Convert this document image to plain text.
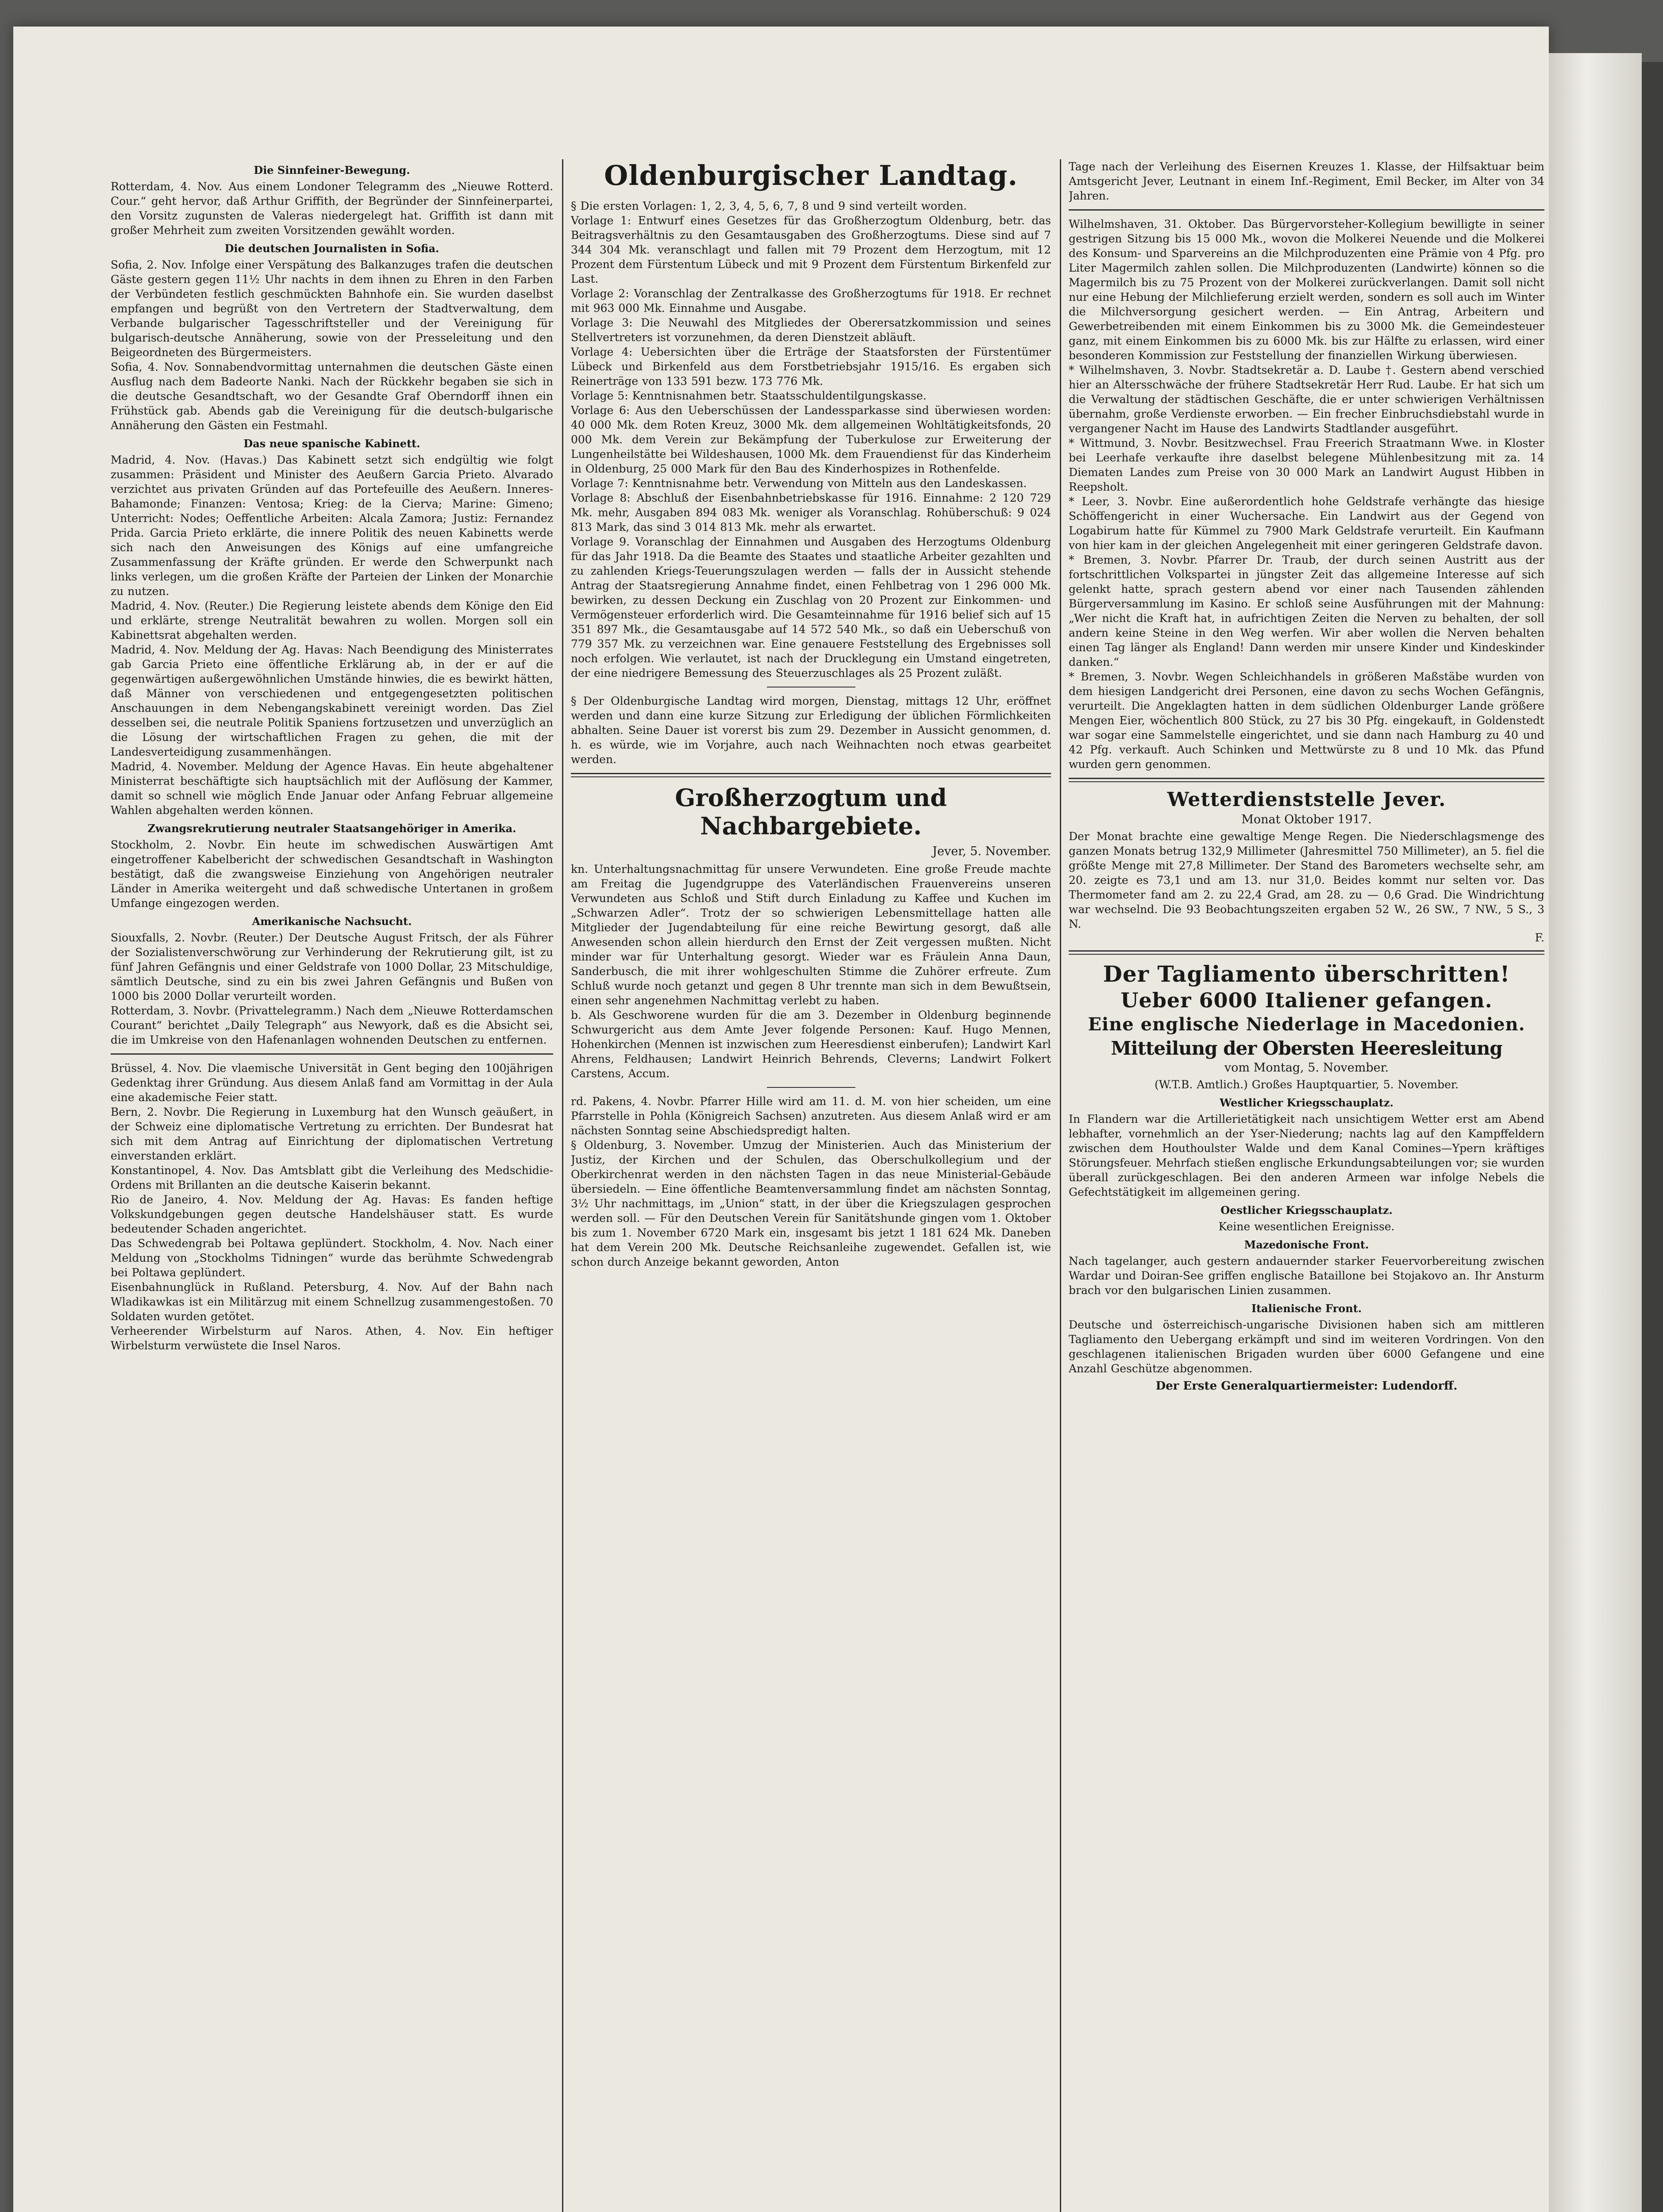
Die Sinnfeiner-Bewegung.

Rotterdam, 4. Nov. Aus einem Londoner Telegramm des „Nieuwe Rotterd. Cour.“ geht hervor, daß Arthur Griffith, der Begründer der Sinnfeinerpartei, den Vorsitz zugunsten de Valeras niedergelegt hat. Griffith ist dann mit großer Mehrheit zum zweiten Vorsitzenden gewählt worden.

Die deutschen Journalisten in Sofia.

Sofia, 2. Nov. Infolge einer Verspätung des Balkanzuges trafen die deutschen Gäste gestern gegen 11½ Uhr nachts in dem ihnen zu Ehren in den Farben der Verbündeten festlich geschmückten Bahnhofe ein. Sie wurden daselbst empfangen und begrüßt von den Vertretern der Stadtverwaltung, dem Verbande bulgarischer Tagesschriftsteller und der Vereinigung für bulgarisch-deutsche Annäherung, sowie von der Presseleitung und den Beigeordneten des Bürgermeisters.

Sofia, 4. Nov. Sonnabendvormittag unternahmen die deutschen Gäste einen Ausflug nach dem Badeorte Nanki. Nach der Rückkehr begaben sie sich in die deutsche Gesandtschaft, wo der Gesandte Graf Oberndorff ihnen ein Frühstück gab. Abends gab die Vereinigung für die deutsch-bulgarische Annäherung den Gästen ein Festmahl.

Das neue spanische Kabinett.

Madrid, 4. Nov. (Havas.) Das Kabinett setzt sich endgültig wie folgt zusammen: Präsident und Minister des Aeußern Garcia Prieto. Alvarado verzichtet aus privaten Gründen auf das Portefeuille des Aeußern. Inneres-Bahamonde; Finanzen: Ventosa; Krieg: de la Cierva; Marine: Gimeno; Unterricht: Nodes; Oeffentliche Arbeiten: Alcala Zamora; Justiz: Fernandez Prida. Garcia Prieto erklärte, die innere Politik des neuen Kabinetts werde sich nach den Anweisungen des Königs auf eine umfangreiche Zusammenfassung der Kräfte gründen. Er werde den Schwerpunkt nach links verlegen, um die großen Kräfte der Parteien der Linken der Monarchie zu nutzen.

Madrid, 4. Nov. (Reuter.) Die Regierung leistete abends dem Könige den Eid und erklärte, strenge Neutralität bewahren zu wollen. Morgen soll ein Kabinettsrat abgehalten werden.

Madrid, 4. Nov. Meldung der Ag. Havas: Nach Beendigung des Ministerrates gab Garcia Prieto eine öffentliche Erklärung ab, in der er auf die gegenwärtigen außergewöhnlichen Umstände hinwies, die es bewirkt hätten, daß Männer von verschiedenen und entgegengesetzten politischen Anschauungen in dem Nebengangskabinett vereinigt worden. Das Ziel desselben sei, die neutrale Politik Spaniens fortzusetzen und unverzüglich an die Lösung der wirtschaftlichen Fragen zu gehen, die mit der Landesverteidigung zusammenhängen.

Madrid, 4. November. Meldung der Agence Havas. Ein heute abgehaltener Ministerrat beschäftigte sich hauptsächlich mit der Auflösung der Kammer, damit so schnell wie möglich Ende Januar oder Anfang Februar allgemeine Wahlen abgehalten werden können.

Zwangsrekrutierung neutraler Staatsangehöriger in Amerika.

Stockholm, 2. Novbr. Ein heute im schwedischen Auswärtigen Amt eingetroffener Kabelbericht der schwedischen Gesandtschaft in Washington bestätigt, daß die zwangsweise Einziehung von Angehörigen neutraler Länder in Amerika weitergeht und daß schwedische Untertanen in großem Umfange eingezogen werden.

Amerikanische Nachsucht.

Siouxfalls, 2. Novbr. (Reuter.) Der Deutsche August Fritsch, der als Führer der Sozialistenverschwörung zur Verhinderung der Rekrutierung gilt, ist zu fünf Jahren Gefängnis und einer Geldstrafe von 1000 Dollar, 23 Mitschuldige, sämtlich Deutsche, sind zu ein bis zwei Jahren Gefängnis und Bußen von 1000 bis 2000 Dollar verurteilt worden.

Rotterdam, 3. Novbr. (Privattelegramm.) Nach dem „Nieuwe Rotterdamschen Courant“ berichtet „Daily Telegraph“ aus Newyork, daß es die Absicht sei, die im Umkreise von den Hafenanlagen wohnenden Deutschen zu entfernen.

Brüssel, 4. Nov. Die vlaemische Universität in Gent beging den 100jährigen Gedenktag ihrer Gründung. Aus diesem Anlaß fand am Vormittag in der Aula eine akademische Feier statt.

Bern, 2. Novbr. Die Regierung in Luxemburg hat den Wunsch geäußert, in der Schweiz eine diplomatische Vertretung zu errichten. Der Bundesrat hat sich mit dem Antrag auf Einrichtung der diplomatischen Vertretung einverstanden erklärt.

Konstantinopel, 4. Nov. Das Amtsblatt gibt die Verleihung des Medschidie-Ordens mit Brillanten an die deutsche Kaiserin bekannt.

Rio de Janeiro, 4. Nov. Meldung der Ag. Havas: Es fanden heftige Volkskundgebungen gegen deutsche Handelshäuser statt. Es wurde bedeutender Schaden angerichtet.

Das Schwedengrab bei Poltawa geplündert. Stockholm, 4. Nov. Nach einer Meldung von „Stockholms Tidningen“ wurde das berühmte Schwedengrab bei Poltawa geplündert.

Eisenbahnunglück in Rußland. Petersburg, 4. Nov. Auf der Bahn nach Wladikawkas ist ein Militärzug mit einem Schnellzug zusammengestoßen. 70 Soldaten wurden getötet.

Verheerender Wirbelsturm auf Naros. Athen, 4. Nov. Ein heftiger Wirbelsturm verwüstete die Insel Naros.

Oldenburgischer Landtag.

§ Die ersten Vorlagen: 1, 2, 3, 4, 5, 6, 7, 8 und 9 sind verteilt worden.

Vorlage 1: Entwurf eines Gesetzes für das Großherzogtum Oldenburg, betr. das Beitragsverhältnis zu den Gesamtausgaben des Großherzogtums. Diese sind auf 7 344 304 Mk. veranschlagt und fallen mit 79 Prozent dem Herzogtum, mit 12 Prozent dem Fürstentum Lübeck und mit 9 Prozent dem Fürstentum Birkenfeld zur Last.

Vorlage 2: Voranschlag der Zentralkasse des Großherzogtums für 1918. Er rechnet mit 963 000 Mk. Einnahme und Ausgabe.

Vorlage 3: Die Neuwahl des Mitgliedes der Oberersatzkommission und seines Stellvertreters ist vorzunehmen, da deren Dienstzeit abläuft.

Vorlage 4: Uebersichten über die Erträge der Staatsforsten der Fürstentümer Lübeck und Birkenfeld aus dem Forstbetriebsjahr 1915/16. Es ergaben sich Reinerträge von 133 591 bezw. 173 776 Mk.

Vorlage 5: Kenntnisnahmen betr. Staatsschuldentilgungskasse.

Vorlage 6: Aus den Ueberschüssen der Landessparkasse sind überwiesen worden: 40 000 Mk. dem Roten Kreuz, 3000 Mk. dem allgemeinen Wohltätigkeitsfonds, 20 000 Mk. dem Verein zur Bekämpfung der Tuberkulose zur Erweiterung der Lungenheilstätte bei Wildeshausen, 1000 Mk. dem Frauendienst für das Kinderheim in Oldenburg, 25 000 Mark für den Bau des Kinderhospizes in Rothenfelde.

Vorlage 7: Kenntnisnahme betr. Verwendung von Mitteln aus den Landeskassen.

Vorlage 8: Abschluß der Eisenbahnbetriebskasse für 1916. Einnahme: 2 120 729 Mk. mehr, Ausgaben 894 083 Mk. weniger als Voranschlag. Rohüberschuß: 9 024 813 Mark, das sind 3 014 813 Mk. mehr als erwartet.

Vorlage 9. Voranschlag der Einnahmen und Ausgaben des Herzogtums Oldenburg für das Jahr 1918. Da die Beamte des Staates und staatliche Arbeiter gezahlten und zu zahlenden Kriegs-Teuerungszulagen werden — falls der in Aussicht stehende Antrag der Staatsregierung Annahme findet, einen Fehlbetrag von 1 296 000 Mk. bewirken, zu dessen Deckung ein Zuschlag von 20 Prozent zur Einkommen- und Vermögensteuer erforderlich wird. Die Gesamteinnahme für 1916 belief sich auf 15 351 897 Mk., die Gesamtausgabe auf 14 572 540 Mk., so daß ein Ueberschuß von 779 357 Mk. zu verzeichnen war. Eine genauere Feststellung des Ergebnisses soll noch erfolgen. Wie verlautet, ist nach der Drucklegung ein Umstand eingetreten, der eine niedrigere Bemessung des Steuerzuschlages als 25 Prozent zuläßt.

§ Der Oldenburgische Landtag wird morgen, Dienstag, mittags 12 Uhr, eröffnet werden und dann eine kurze Sitzung zur Erledigung der üblichen Förmlichkeiten abhalten. Seine Dauer ist vorerst bis zum 29. Dezember in Aussicht genommen, d. h. es würde, wie im Vorjahre, auch nach Weihnachten noch etwas gearbeitet werden.

Großherzogtum und Nachbargebiete.
Jever, 5. November.

kn. Unterhaltungsnachmittag für unsere Verwundeten. Eine große Freude machte am Freitag die Jugendgruppe des Vaterländischen Frauenvereins unseren Verwundeten aus Schloß und Stift durch Einladung zu Kaffee und Kuchen im „Schwarzen Adler“. Trotz der so schwierigen Lebensmittellage hatten alle Mitglieder der Jugendabteilung für eine reiche Bewirtung gesorgt, daß alle Anwesenden schon allein hierdurch den Ernst der Zeit vergessen mußten. Nicht minder war für Unterhaltung gesorgt. Wieder war es Fräulein Anna Daun, Sanderbusch, die mit ihrer wohlgeschulten Stimme die Zuhörer erfreute. Zum Schluß wurde noch getanzt und gegen 8 Uhr trennte man sich in dem Bewußtsein, einen sehr angenehmen Nachmittag verlebt zu haben.

b. Als Geschworene wurden für die am 3. Dezember in Oldenburg beginnende Schwurgericht aus dem Amte Jever folgende Personen: Kauf. Hugo Mennen, Hohenkirchen (Mennen ist inzwischen zum Heeresdienst einberufen); Landwirt Karl Ahrens, Feldhausen; Landwirt Heinrich Behrends, Cleverns; Landwirt Folkert Carstens, Accum.

rd. Pakens, 4. Novbr. Pfarrer Hille wird am 11. d. M. von hier scheiden, um eine Pfarrstelle in Pohla (Königreich Sachsen) anzutreten. Aus diesem Anlaß wird er am nächsten Sonntag seine Abschiedspredigt halten.

§ Oldenburg, 3. November. Umzug der Ministerien. Auch das Ministerium der Justiz, der Kirchen und der Schulen, das Oberschulkollegium und der Oberkirchenrat werden in den nächsten Tagen in das neue Ministerial-Gebäude übersiedeln. — Eine öffentliche Beamtenversammlung findet am nächsten Sonntag, 3½ Uhr nachmittags, im „Union“ statt, in der über die Kriegszulagen gesprochen werden soll. — Für den Deutschen Verein für Sanitätshunde gingen vom 1. Oktober bis zum 1. November 6720 Mark ein, insgesamt bis jetzt 1 181 624 Mk. Daneben hat dem Verein 200 Mk. Deutsche Reichsanleihe zugewendet. Gefallen ist, wie schon durch Anzeige bekannt geworden, Anton

Tage nach der Verleihung des Eisernen Kreuzes 1. Klasse, der Hilfsaktuar beim Amtsgericht Jever, Leutnant in einem Inf.-Regiment, Emil Becker, im Alter von 34 Jahren.

Wilhelmshaven, 31. Oktober. Das Bürgervorsteher-Kollegium bewilligte in seiner gestrigen Sitzung bis 15 000 Mk., wovon die Molkerei Neuende und die Molkerei des Konsum- und Sparvereins an die Milchproduzenten eine Prämie von 4 Pfg. pro Liter Magermilch zahlen sollen. Die Milchproduzenten (Landwirte) können so die Magermilch bis zu 75 Prozent von der Molkerei zurückverlangen. Damit soll nicht nur eine Hebung der Milchlieferung erzielt werden, sondern es soll auch im Winter die Milchversorgung gesichert werden. — Ein Antrag, Arbeitern und Gewerbetreibenden mit einem Einkommen bis zu 3000 Mk. die Gemeindesteuer ganz, mit einem Einkommen bis zu 6000 Mk. bis zur Hälfte zu erlassen, wird einer besonderen Kommission zur Feststellung der finanziellen Wirkung überwiesen.

* Wilhelmshaven, 3. Novbr. Stadtsekretär a. D. Laube †. Gestern abend verschied hier an Altersschwäche der frühere Stadtsekretär Herr Rud. Laube. Er hat sich um die Verwaltung der städtischen Geschäfte, die er unter schwierigen Verhältnissen übernahm, große Verdienste erworben. — Ein frecher Einbruchsdiebstahl wurde in vergangener Nacht im Hause des Landwirts Stadtlander ausgeführt.

* Wittmund, 3. Novbr. Besitzwechsel. Frau Freerich Straatmann Wwe. in Kloster bei Leerhafe verkaufte ihre daselbst belegene Mühlenbesitzung mit za. 14 Diematen Landes zum Preise von 30 000 Mark an Landwirt August Hibben in Reepsholt.

* Leer, 3. Novbr. Eine außerordentlich hohe Geldstrafe verhängte das hiesige Schöffengericht in einer Wuchersache. Ein Landwirt aus der Gegend von Logabirum hatte für Kümmel zu 7900 Mark Geldstrafe verurteilt. Ein Kaufmann von hier kam in der gleichen Angelegenheit mit einer geringeren Geldstrafe davon.

* Bremen, 3. Novbr. Pfarrer Dr. Traub, der durch seinen Austritt aus der fortschrittlichen Volkspartei in jüngster Zeit das allgemeine Interesse auf sich gelenkt hatte, sprach gestern abend vor einer nach Tausenden zählenden Bürgerversammlung im Kasino. Er schloß seine Ausführungen mit der Mahnung: „Wer nicht die Kraft hat, in aufrichtigen Zeiten die Nerven zu behalten, der soll andern keine Steine in den Weg werfen. Wir aber wollen die Nerven behalten einen Tag länger als England! Dann werden mir unsere Kinder und Kindeskinder danken.“

* Bremen, 3. Novbr. Wegen Schleichhandels in größeren Maßstäbe wurden von dem hiesigen Landgericht drei Personen, eine davon zu sechs Wochen Gefängnis, verurteilt. Die Angeklagten hatten in dem südlichen Oldenburger Lande größere Mengen Eier, wöchentlich 800 Stück, zu 27 bis 30 Pfg. eingekauft, in Goldenstedt war sogar eine Sammelstelle eingerichtet, und sie dann nach Hamburg zu 40 und 42 Pfg. verkauft. Auch Schinken und Mettwürste zu 8 und 10 Mk. das Pfund wurden gern genommen.

Wetterdienststelle Jever.
Monat Oktober 1917.

Der Monat brachte eine gewaltige Menge Regen. Die Niederschlagsmenge des ganzen Monats betrug 132,9 Millimeter (Jahresmittel 750 Millimeter), an 5. fiel die größte Menge mit 27,8 Millimeter. Der Stand des Barometers wechselte sehr, am 20. zeigte es 73,1 und am 13. nur 31,0. Beides kommt nur selten vor. Das Thermometer fand am 2. zu 22,4 Grad, am 28. zu — 0,6 Grad. Die Windrichtung war wechselnd. Die 93 Beobachtungszeiten ergaben 52 W., 26 SW., 7 NW., 5 S., 3 N.

F.
Der Tagliamento überschritten!
Ueber 6000 Italiener gefangen.
Eine englische Niederlage in Macedonien.
Mitteilung der Obersten Heeresleitung
vom Montag, 5. November.

(W.T.B. Amtlich.) Großes Hauptquartier, 5. November.

Westlicher Kriegsschauplatz.

In Flandern war die Artillerietätigkeit nach unsichtigem Wetter erst am Abend lebhafter, vornehmlich an der Yser-Niederung; nachts lag auf den Kampffeldern zwischen dem Houthoulster Walde und dem Kanal Comines—Ypern kräftiges Störungsfeuer. Mehrfach stießen englische Erkundungsabteilungen vor; sie wurden überall zurückgeschlagen. Bei den anderen Armeen war infolge Nebels die Gefechtstätigkeit im allgemeinen gering.

Oestlicher Kriegsschauplatz.

Keine wesentlichen Ereignisse.

Mazedonische Front.

Nach tagelanger, auch gestern andauernder starker Feuervorbereitung zwischen Wardar und Doiran-See griffen englische Bataillone bei Stojakovo an. Ihr Ansturm brach vor den bulgarischen Linien zusammen.

Italienische Front.

Deutsche und österreichisch-ungarische Divisionen haben sich am mittleren Tagliamento den Uebergang erkämpft und sind im weiteren Vordringen. Von den geschlagenen italienischen Brigaden wurden über 6000 Gefangene und eine Anzahl Geschütze abgenommen.

Der Erste Generalquartiermeister: Ludendorff.
